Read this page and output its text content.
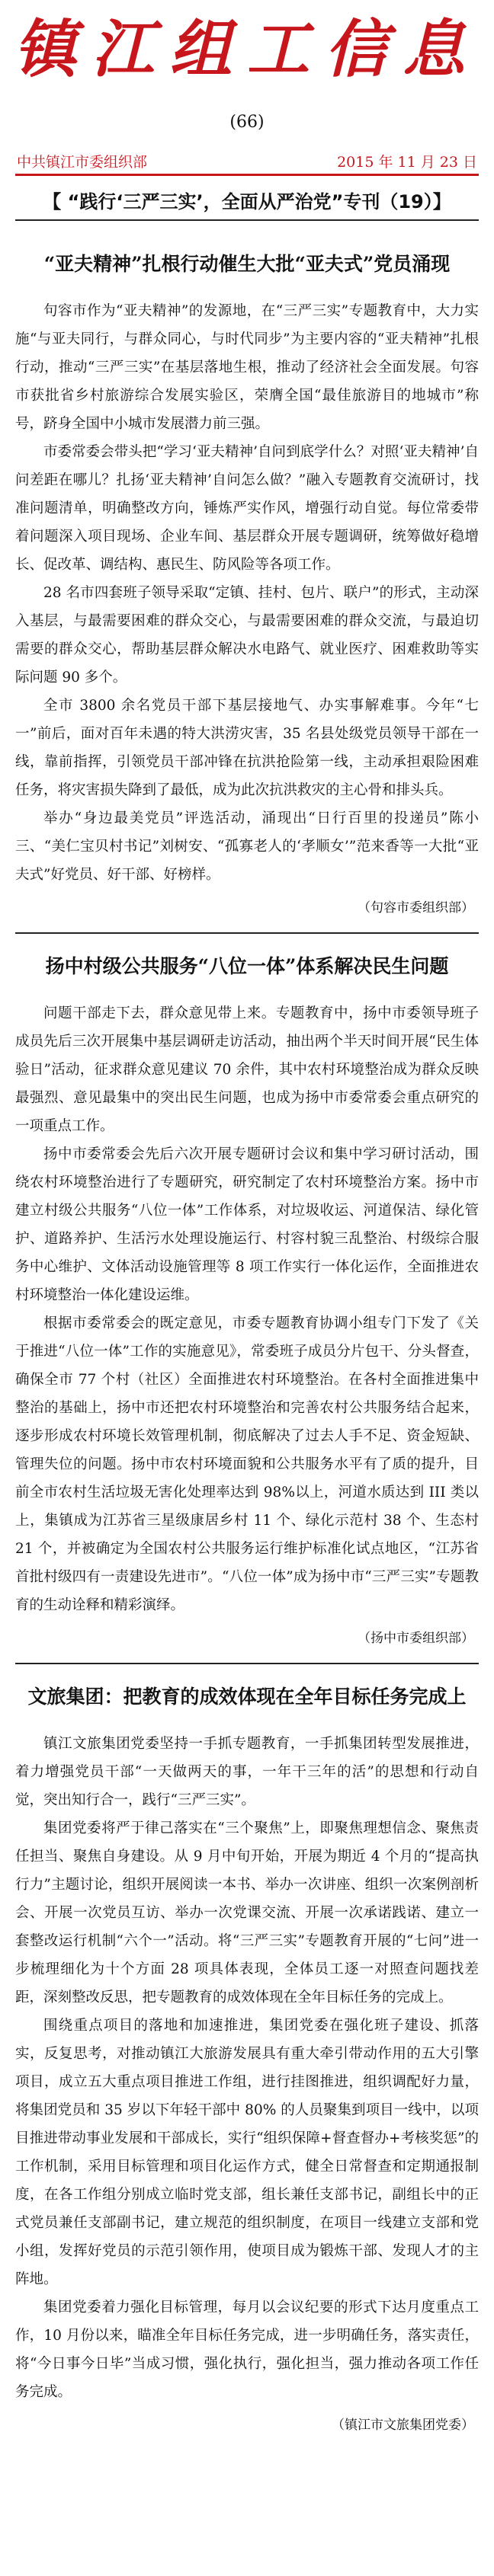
镇江组工信息
(66)
中共镇江市委组织部	2015 年 11 月 23 日
【 “践行‘三严三实’，全面从严治党”专刊（19）】
“亚夫精神”扎根行动催生大批“亚夫式”党员涌现

句容市作为“亚夫精神”的发源地，在“三严三实”专题教育中，大力实施“与亚夫同行，与群众同心，与时代同步”为主要内容的“亚夫精神”扎根行动，推动“三严三实”在基层落地生根，推动了经济社会全面发展。句容市获批省乡村旅游综合发展实验区，荣膺全国“最佳旅游目的地城市”称号，跻身全国中小城市发展潜力前三强。

市委常委会带头把“学习‘亚夫精神’自问到底学什么？对照‘亚夫精神’自问差距在哪儿？扎扬‘亚夫精神’自问怎么做？”融入专题教育交流研讨，找准问题清单，明确整改方向，锤炼严实作风，增强行动自觉。每位常委带着问题深入项目现场、企业车间、基层群众开展专题调研，统筹做好稳增长、促改革、调结构、惠民生、防风险等各项工作。

28 名市四套班子领导采取“定镇、挂村、包片、联户”的形式，主动深入基层，与最需要困难的群众交心，与最需要困难的群众交流，与最迫切需要的群众交心，帮助基层群众解决水电路气、就业医疗、困难救助等实际问题 90 多个。

全市 3800 余名党员干部下基层接地气、办实事解难事。今年“七一”前后，面对百年未遇的特大洪涝灾害，35 名县处级党员领导干部在一线，靠前指挥，引领党员干部冲锋在抗洪抢险第一线，主动承担艰险困难任务，将灾害损失降到了最低，成为此次抗洪救灾的主心骨和排头兵。

举办“身边最美党员”评选活动，涌现出“日行百里的投递员”陈小三、“美仁宝贝村书记”刘树安、“孤寡老人的‘孝顺女’”范来香等一大批“亚夫式”好党员、好干部、好榜样。

（句容市委组织部）
扬中村级公共服务“八位一体”体系解决民生问题

问题干部走下去，群众意见带上来。专题教育中，扬中市委领导班子成员先后三次开展集中基层调研走访活动，抽出两个半天时间开展“民生体验日”活动，征求群众意见建议 70 余件，其中农村环境整治成为群众反映最强烈、意见最集中的突出民生问题，也成为扬中市委常委会重点研究的一项重点工作。

扬中市委常委会先后六次开展专题研讨会议和集中学习研讨活动，围绕农村环境整治进行了专题研究，研究制定了农村环境整治方案。扬中市建立村级公共服务“八位一体”工作体系，对垃圾收运、河道保洁、绿化管护、道路养护、生活污水处理设施运行、村容村貌三乱整治、村级综合服务中心维护、文体活动设施管理等 8 项工作实行一体化运作，全面推进农村环境整治一体化建设运维。

根据市委常委会的既定意见，市委专题教育协调小组专门下发了《关于推进“八位一体”工作的实施意见》，常委班子成员分片包干、分头督查，确保全市 77 个村（社区）全面推进农村环境整治。在各村全面推进集中整治的基础上，扬中市还把农村环境整治和完善农村公共服务结合起来，逐步形成农村环境长效管理机制，彻底解决了过去人手不足、资金短缺、管理失位的问题。扬中市农村环境面貌和公共服务水平有了质的提升，目前全市农村生活垃圾无害化处理率达到 98%以上，河道水质达到 III 类以上，集镇成为江苏省三星级康居乡村 11 个、绿化示范村 38 个、生态村 21 个，并被确定为全国农村公共服务运行维护标准化试点地区，“江苏省首批村级四有一责建设先进市”。“八位一体”成为扬中市“三严三实”专题教育的生动诠释和精彩演绎。

（扬中市委组织部）
文旅集团：把教育的成效体现在全年目标任务完成上

镇江文旅集团党委坚持一手抓专题教育，一手抓集团转型发展推进，着力增强党员干部“一天做两天的事，一年干三年的活”的思想和行动自觉，突出知行合一，践行“三严三实”。

集团党委将严于律己落实在“三个聚焦”上，即聚焦理想信念、聚焦责任担当、聚焦自身建设。从 9 月中旬开始，开展为期近 4 个月的“提高执行力”主题讨论，组织开展阅读一本书、举办一次讲座、组织一次案例剖析会、开展一次党员互访、举办一次党课交流、开展一次承诺践诺、建立一套整改运行机制“六个一”活动。将“三严三实”专题教育开展的“七问”进一步梳理细化为十个方面 28 项具体表现，全体员工逐一对照查问题找差距，深刻整改反思，把专题教育的成效体现在全年目标任务的完成上。

围绕重点项目的落地和加速推进，集团党委在强化班子建设、抓落实，反复思考，对推动镇江大旅游发展具有重大牵引带动作用的五大引擎项目，成立五大重点项目推进工作组，进行挂图推进，组织调配好力量，将集团党员和 35 岁以下年轻干部中 80% 的人员聚集到项目一线中，以项目推进带动事业发展和干部成长，实行“组织保障+督查督办+考核奖惩”的工作机制，采用目标管理和项目化运作方式，健全日常督查和定期通报制度，在各工作组分别成立临时党支部，组长兼任支部书记，副组长中的正式党员兼任支部副书记，建立规范的组织制度，在项目一线建立支部和党小组，发挥好党员的示范引领作用，使项目成为锻炼干部、发现人才的主阵地。

集团党委着力强化目标管理，每月以会议纪要的形式下达月度重点工作，10 月份以来，瞄准全年目标任务完成，进一步明确任务，落实责任，将“今日事今日毕”当成习惯，强化执行，强化担当，强力推动各项工作任务完成。

（镇江市文旅集团党委）
